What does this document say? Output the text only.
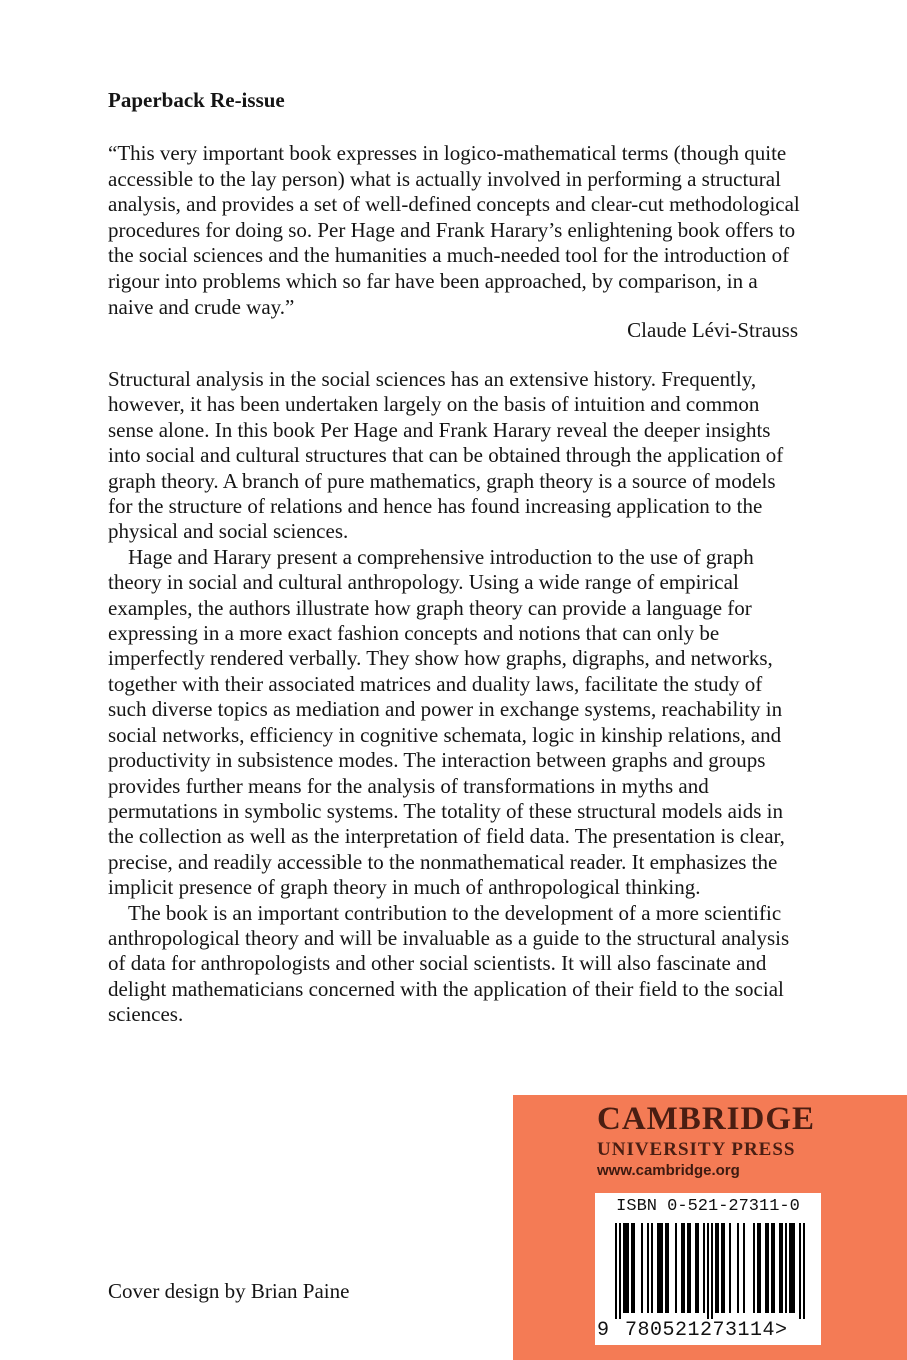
Paperback Re-issue

“This very important book expresses in logico-mathematical terms (though quite accessible to the lay person) what is actually involved in performing a structural analysis, and provides a set of well-defined concepts and clear-cut methodological procedures for doing so. Per Hage and Frank Harary’s enlightening book offers to the social sciences and the humanities a much-needed tool for the introduction of rigour into problems which so far have been approached, by comparison, in a naive and crude way.”

Claude Lévi-Strauss

Structural analysis in the social sciences has an extensive history. Frequently, however, it has been undertaken largely on the basis of intuition and common sense alone. In this book Per Hage and Frank Harary reveal the deeper insights into social and cultural structures that can be obtained through the application of graph theory. A branch of pure mathematics, graph theory is a source of models for the structure of relations and hence has found increasing application to the physical and social sciences.

Hage and Harary present a comprehensive introduction to the use of graph theory in social and cultural anthropology. Using a wide range of empirical examples, the authors illustrate how graph theory can provide a language for expressing in a more exact fashion concepts and notions that can only be imperfectly rendered verbally. They show how graphs, digraphs, and networks, together with their associated matrices and duality laws, facilitate the study of such diverse topics as mediation and power in exchange systems, reachability in social networks, efficiency in cognitive schemata, logic in kinship relations, and productivity in subsistence modes. The interaction between graphs and groups provides further means for the analysis of transformations in myths and permutations in symbolic systems. The totality of these structural models aids in the collection as well as the interpretation of field data. The presentation is clear, precise, and readily accessible to the nonmathematical reader. It emphasizes the implicit presence of graph theory in much of anthropological thinking.

The book is an important contribution to the development of a more scientific anthropological theory and will be invaluable as a guide to the structural analysis of data for anthropologists and other social scientists. It will also fascinate and delight mathematicians concerned with the application of their field to the social sciences.

Cover design by Brian Paine

CAMBRIDGE
UNIVERSITY PRESS
www.cambridge.org
ISBN 0-521-27311-0
9 780521273114>
